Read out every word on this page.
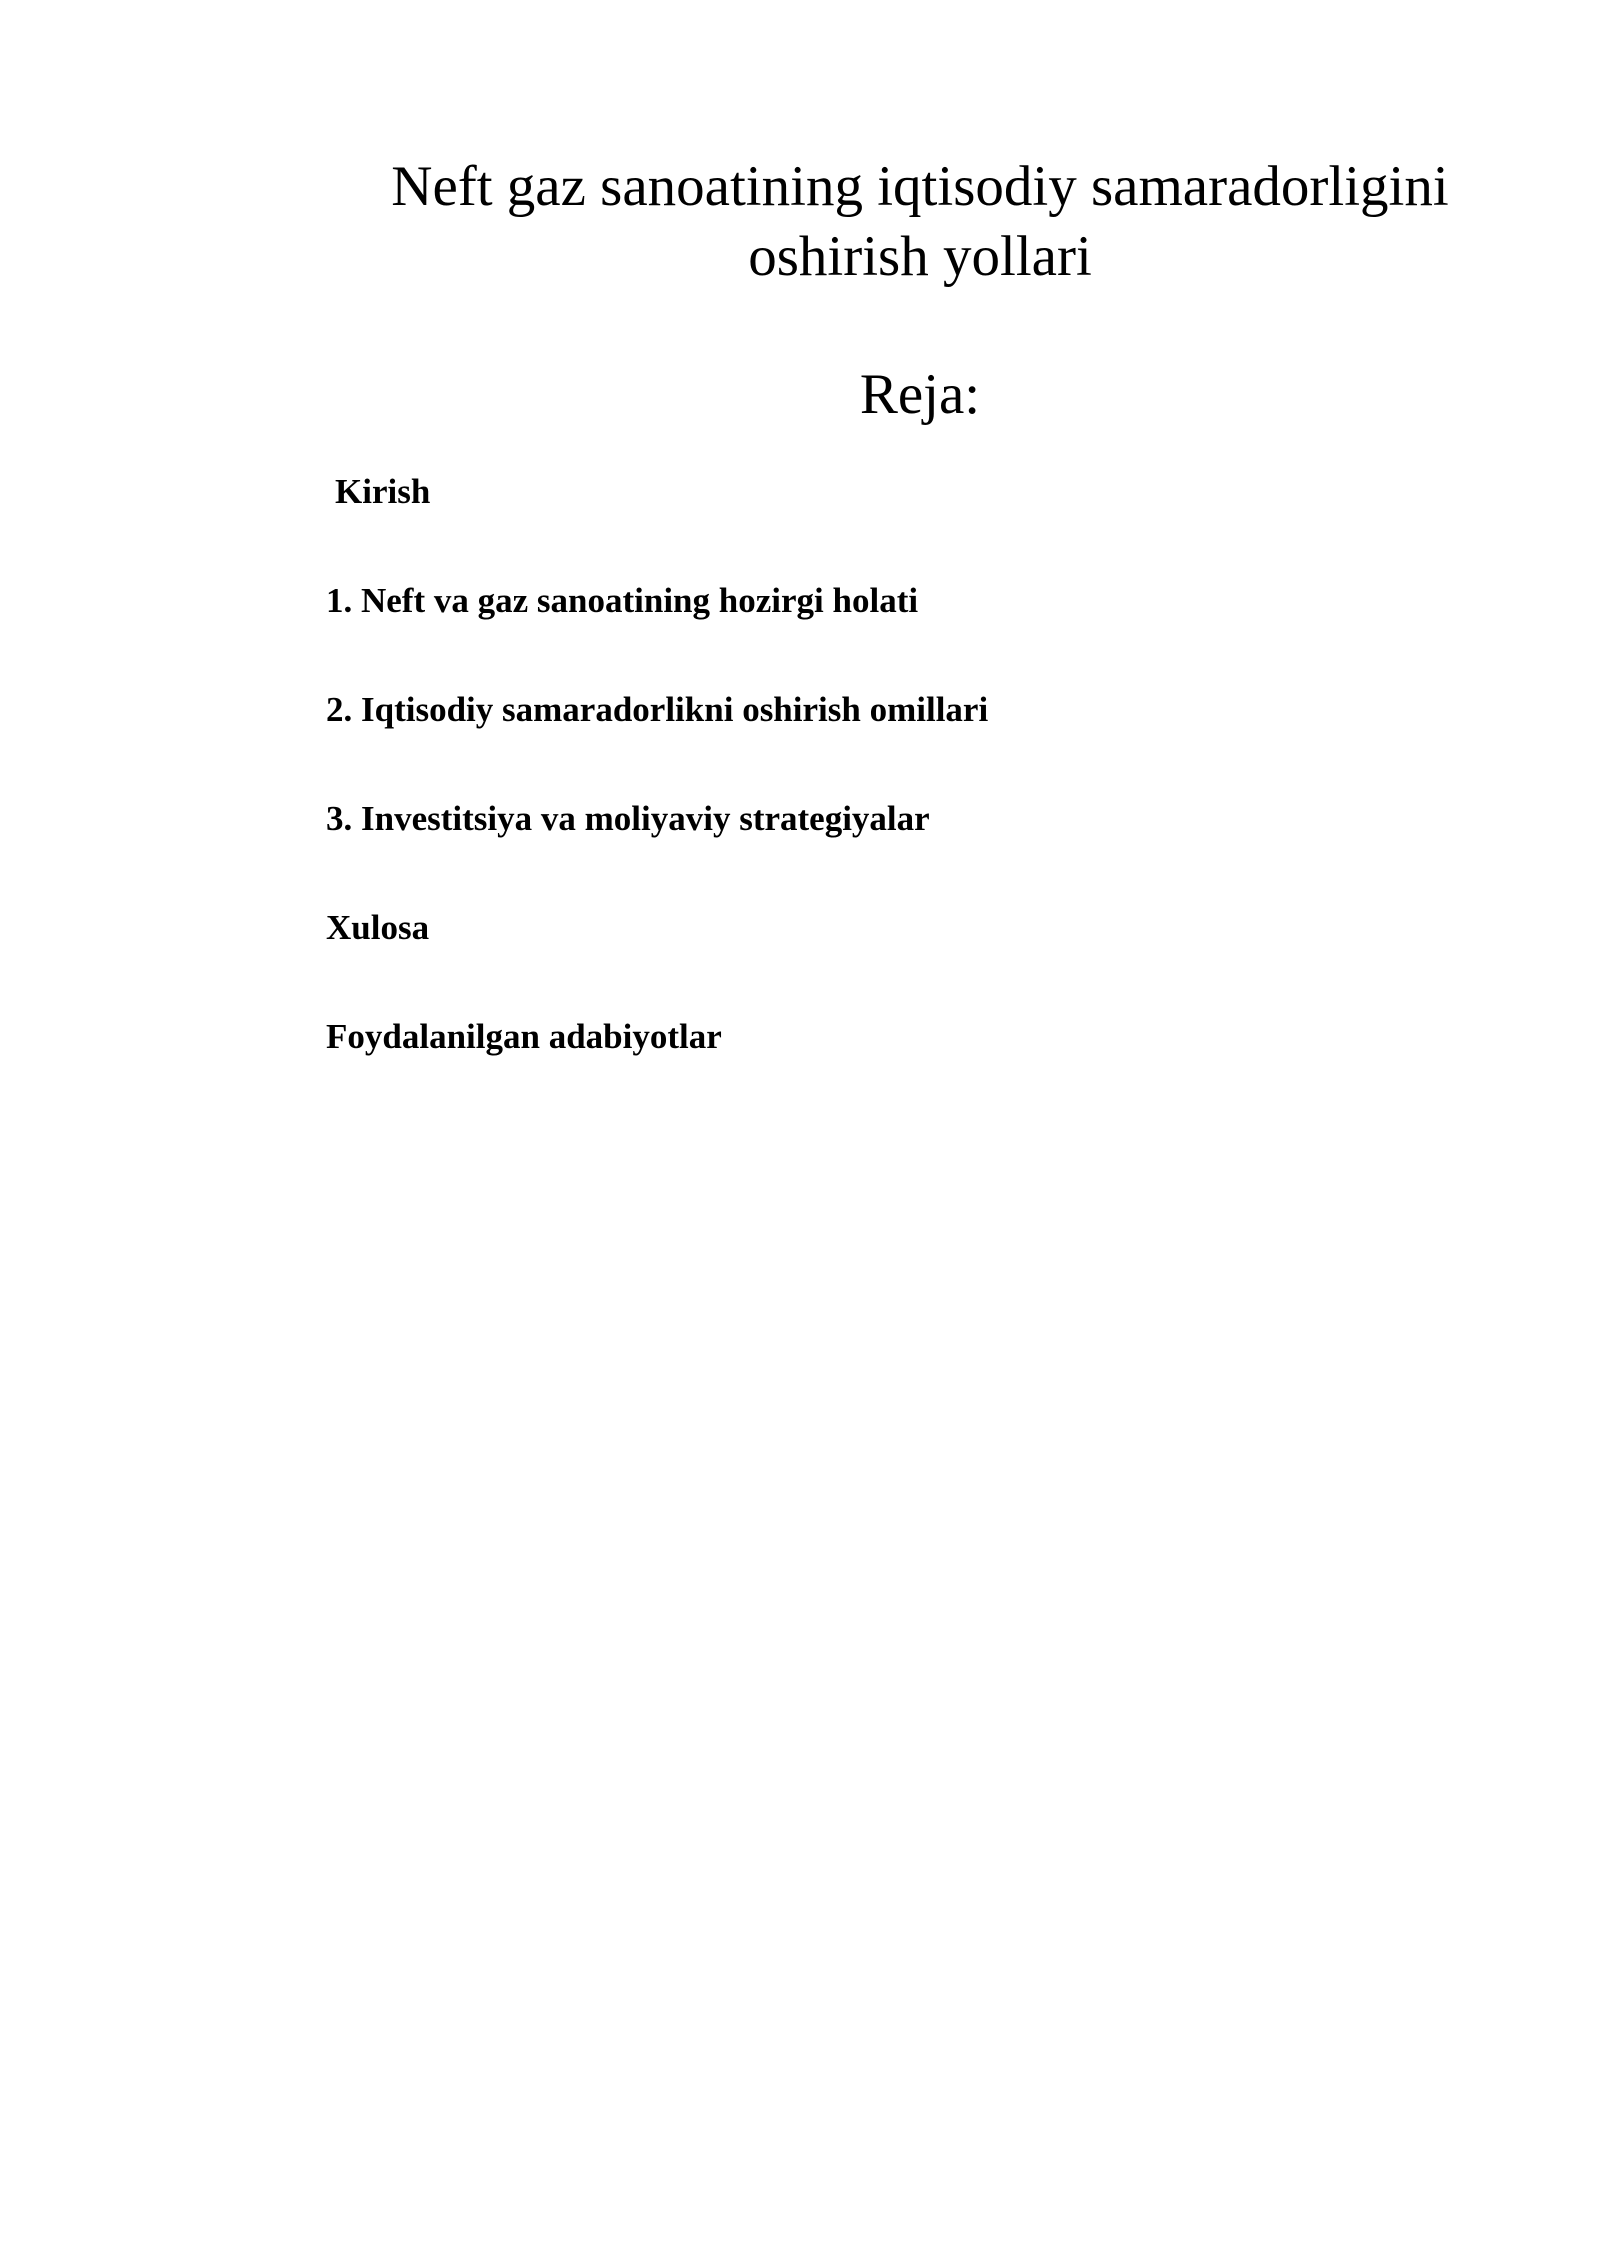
Neft gaz sanoatining iqtisodiy samaradorligini
oshirish yollari
Reja:

Kirish

1. Neft va gaz sanoatining hozirgi holati

2. Iqtisodiy samaradorlikni oshirish omillari

3. Investitsiya va moliyaviy strategiyalar

Xulosa

Foydalanilgan adabiyotlar
